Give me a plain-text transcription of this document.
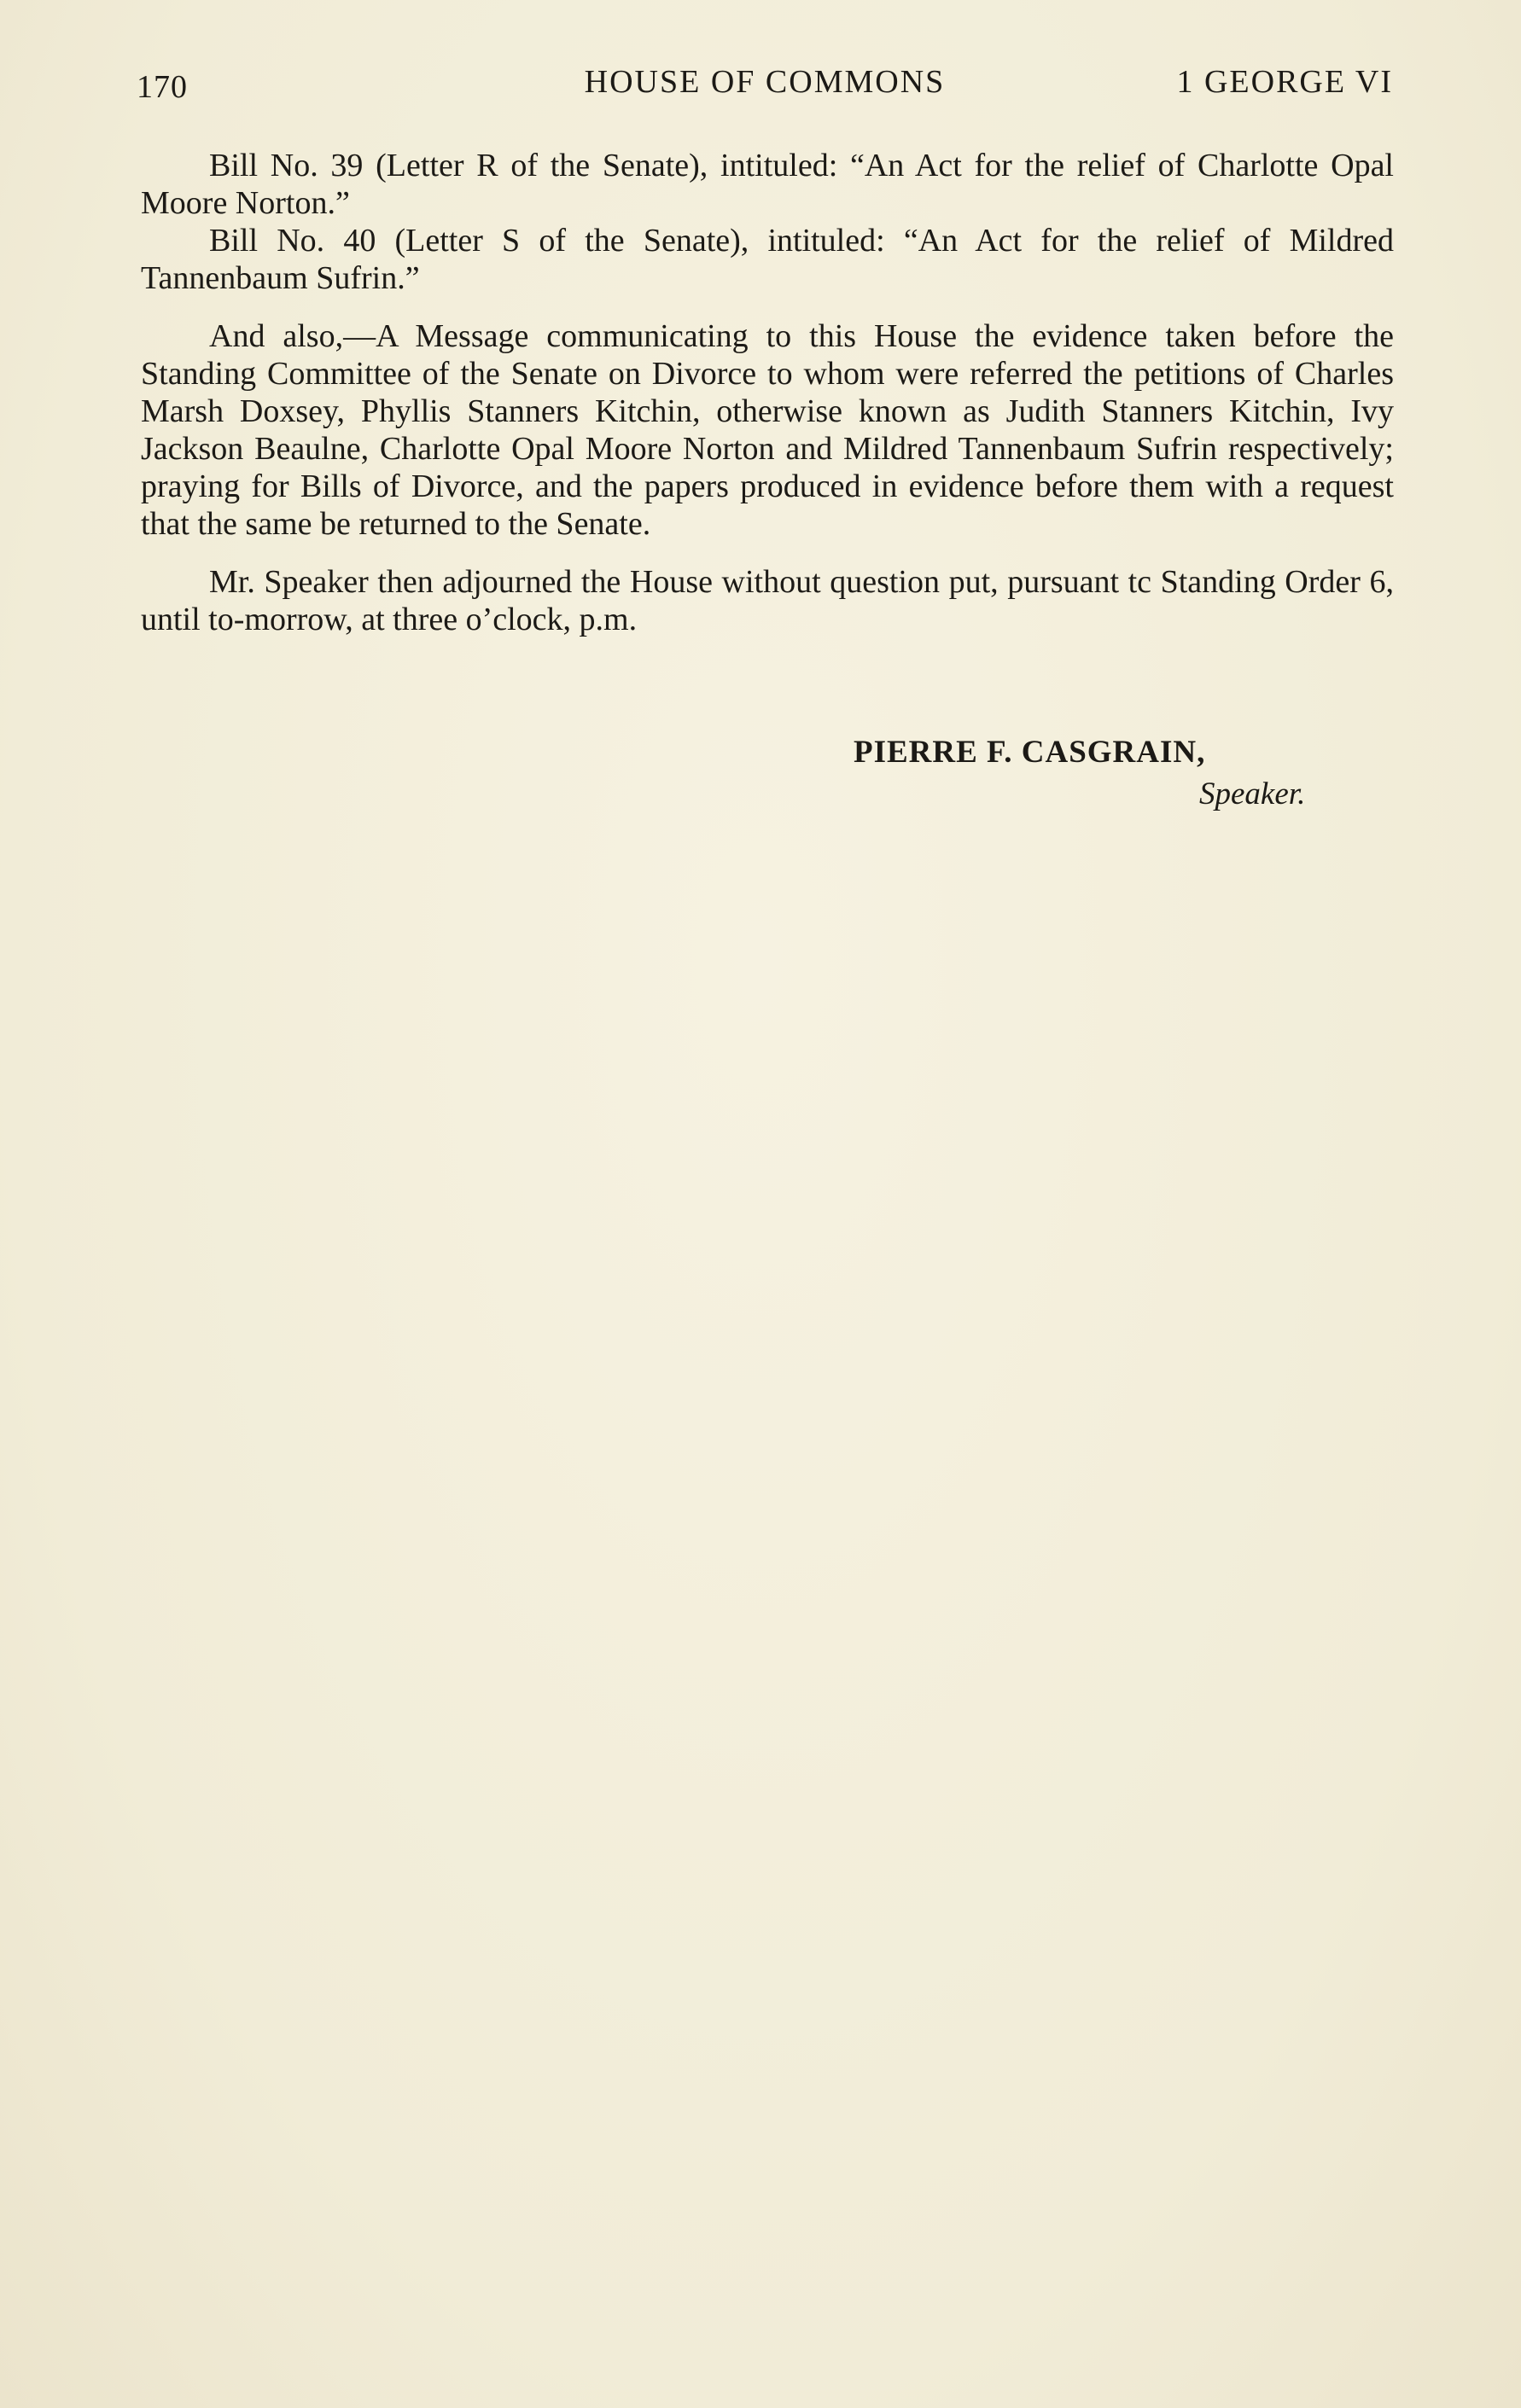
170	HOUSE OF COMMONS	1 GEORGE VI

Bill No. 39 (Letter R of the Senate), intituled: “An Act for the relief of Charlotte Opal Moore Norton.”

Bill No. 40 (Letter S of the Senate), intituled: “An Act for the relief of Mildred Tannenbaum Sufrin.”

And also,—A Message communicating to this House the evidence taken before the Standing Committee of the Senate on Divorce to whom were referred the petitions of Charles Marsh Doxsey, Phyllis Stanners Kitchin, otherwise known as Judith Stanners Kitchin, Ivy Jackson Beaulne, Charlotte Opal Moore Norton and Mildred Tannenbaum Sufrin respectively; praying for Bills of Divorce, and the papers produced in evidence before them with a request that the same be returned to the Senate.

Mr. Speaker then adjourned the House without question put, pursuant tc Standing Order 6, until to-morrow, at three o’clock, p.m.

PIERRE F. CASGRAIN,
Speaker.
